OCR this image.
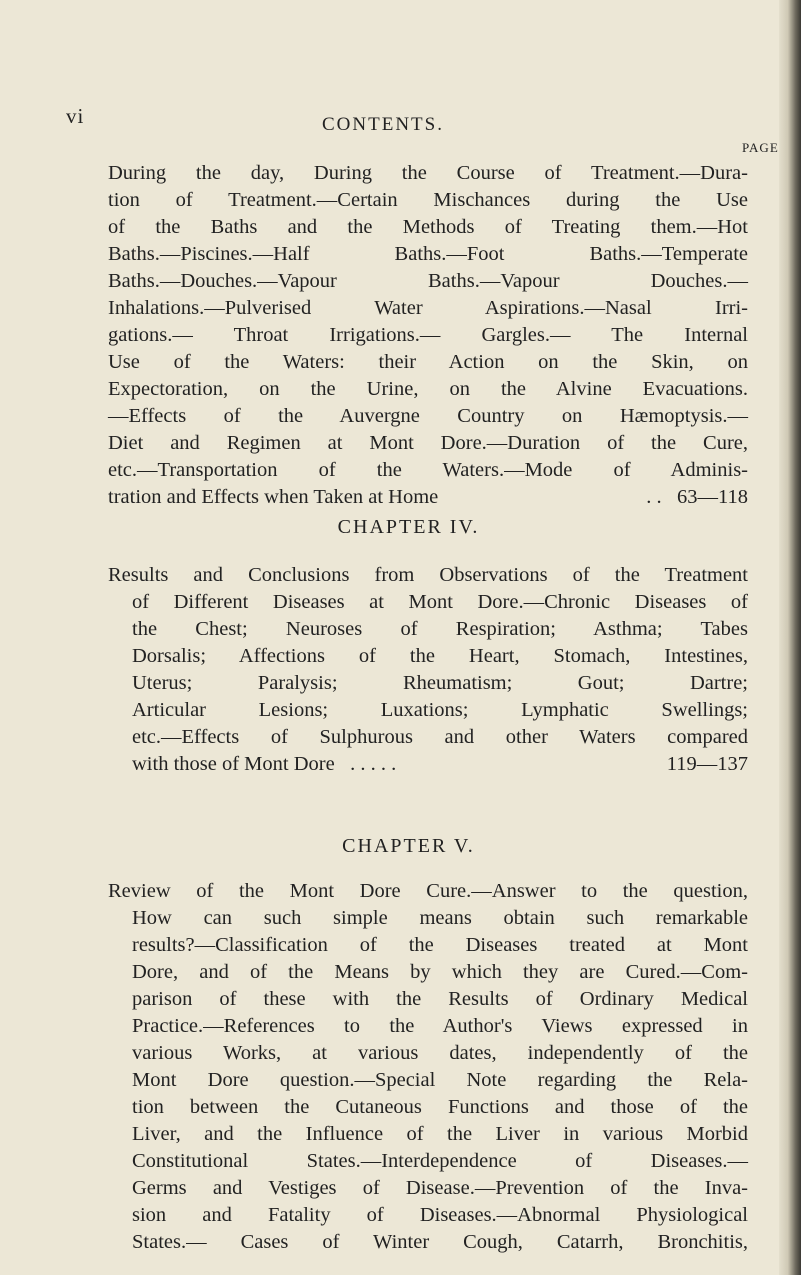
vi	CONTENTS.
PAGE
During the day, During the Course of Treatment.—Dura-
tion of Treatment.—Certain Mischances during the Use
of the Baths and the Methods of Treating them.—Hot
Baths.—Piscines.—Half Baths.—Foot Baths.—Temperate
Baths.—Douches.—Vapour Baths.—Vapour Douches.—
Inhalations.—Pulverised Water Aspirations.—Nasal Irri-
gations.— Throat Irrigations.— Gargles.— The Internal
Use of the Waters: their Action on the Skin, on
Expectoration, on the Urine, on the Alvine Evacuations.
—Effects of the Auvergne Country on Hæmoptysis.—
Diet and Regimen at Mont Dore.—Duration of the Cure,
etc.—Transportation of the Waters.—Mode of Adminis-
tration and Effects when Taken at Home	. . 63—118
CHAPTER IV.
Results and Conclusions from Observations of the Treatment
of Different Diseases at Mont Dore.—Chronic Diseases of
the Chest; Neuroses of Respiration; Asthma; Tabes
Dorsalis; Affections of the Heart, Stomach, Intestines,
Uterus; Paralysis; Rheumatism; Gout; Dartre;
Articular Lesions; Luxations; Lymphatic Swellings;
etc.—Effects of Sulphurous and other Waters compared
with those of Mont Dore . . . . .	119—137
CHAPTER V.
Review of the Mont Dore Cure.—Answer to the question,
How can such simple means obtain such remarkable
results?—Classification of the Diseases treated at Mont
Dore, and of the Means by which they are Cured.—Com-
parison of these with the Results of Ordinary Medical
Practice.—References to the Author's Views expressed in
various Works, at various dates, independently of the
Mont Dore question.—Special Note regarding the Rela-
tion between the Cutaneous Functions and those of the
Liver, and the Influence of the Liver in various Morbid
Constitutional States.—Interdependence of Diseases.—
Germs and Vestiges of Disease.—Prevention of the Inva-
sion and Fatality of Diseases.—Abnormal Physiological
States.— Cases of Winter Cough, Catarrh, Bronchitis,
